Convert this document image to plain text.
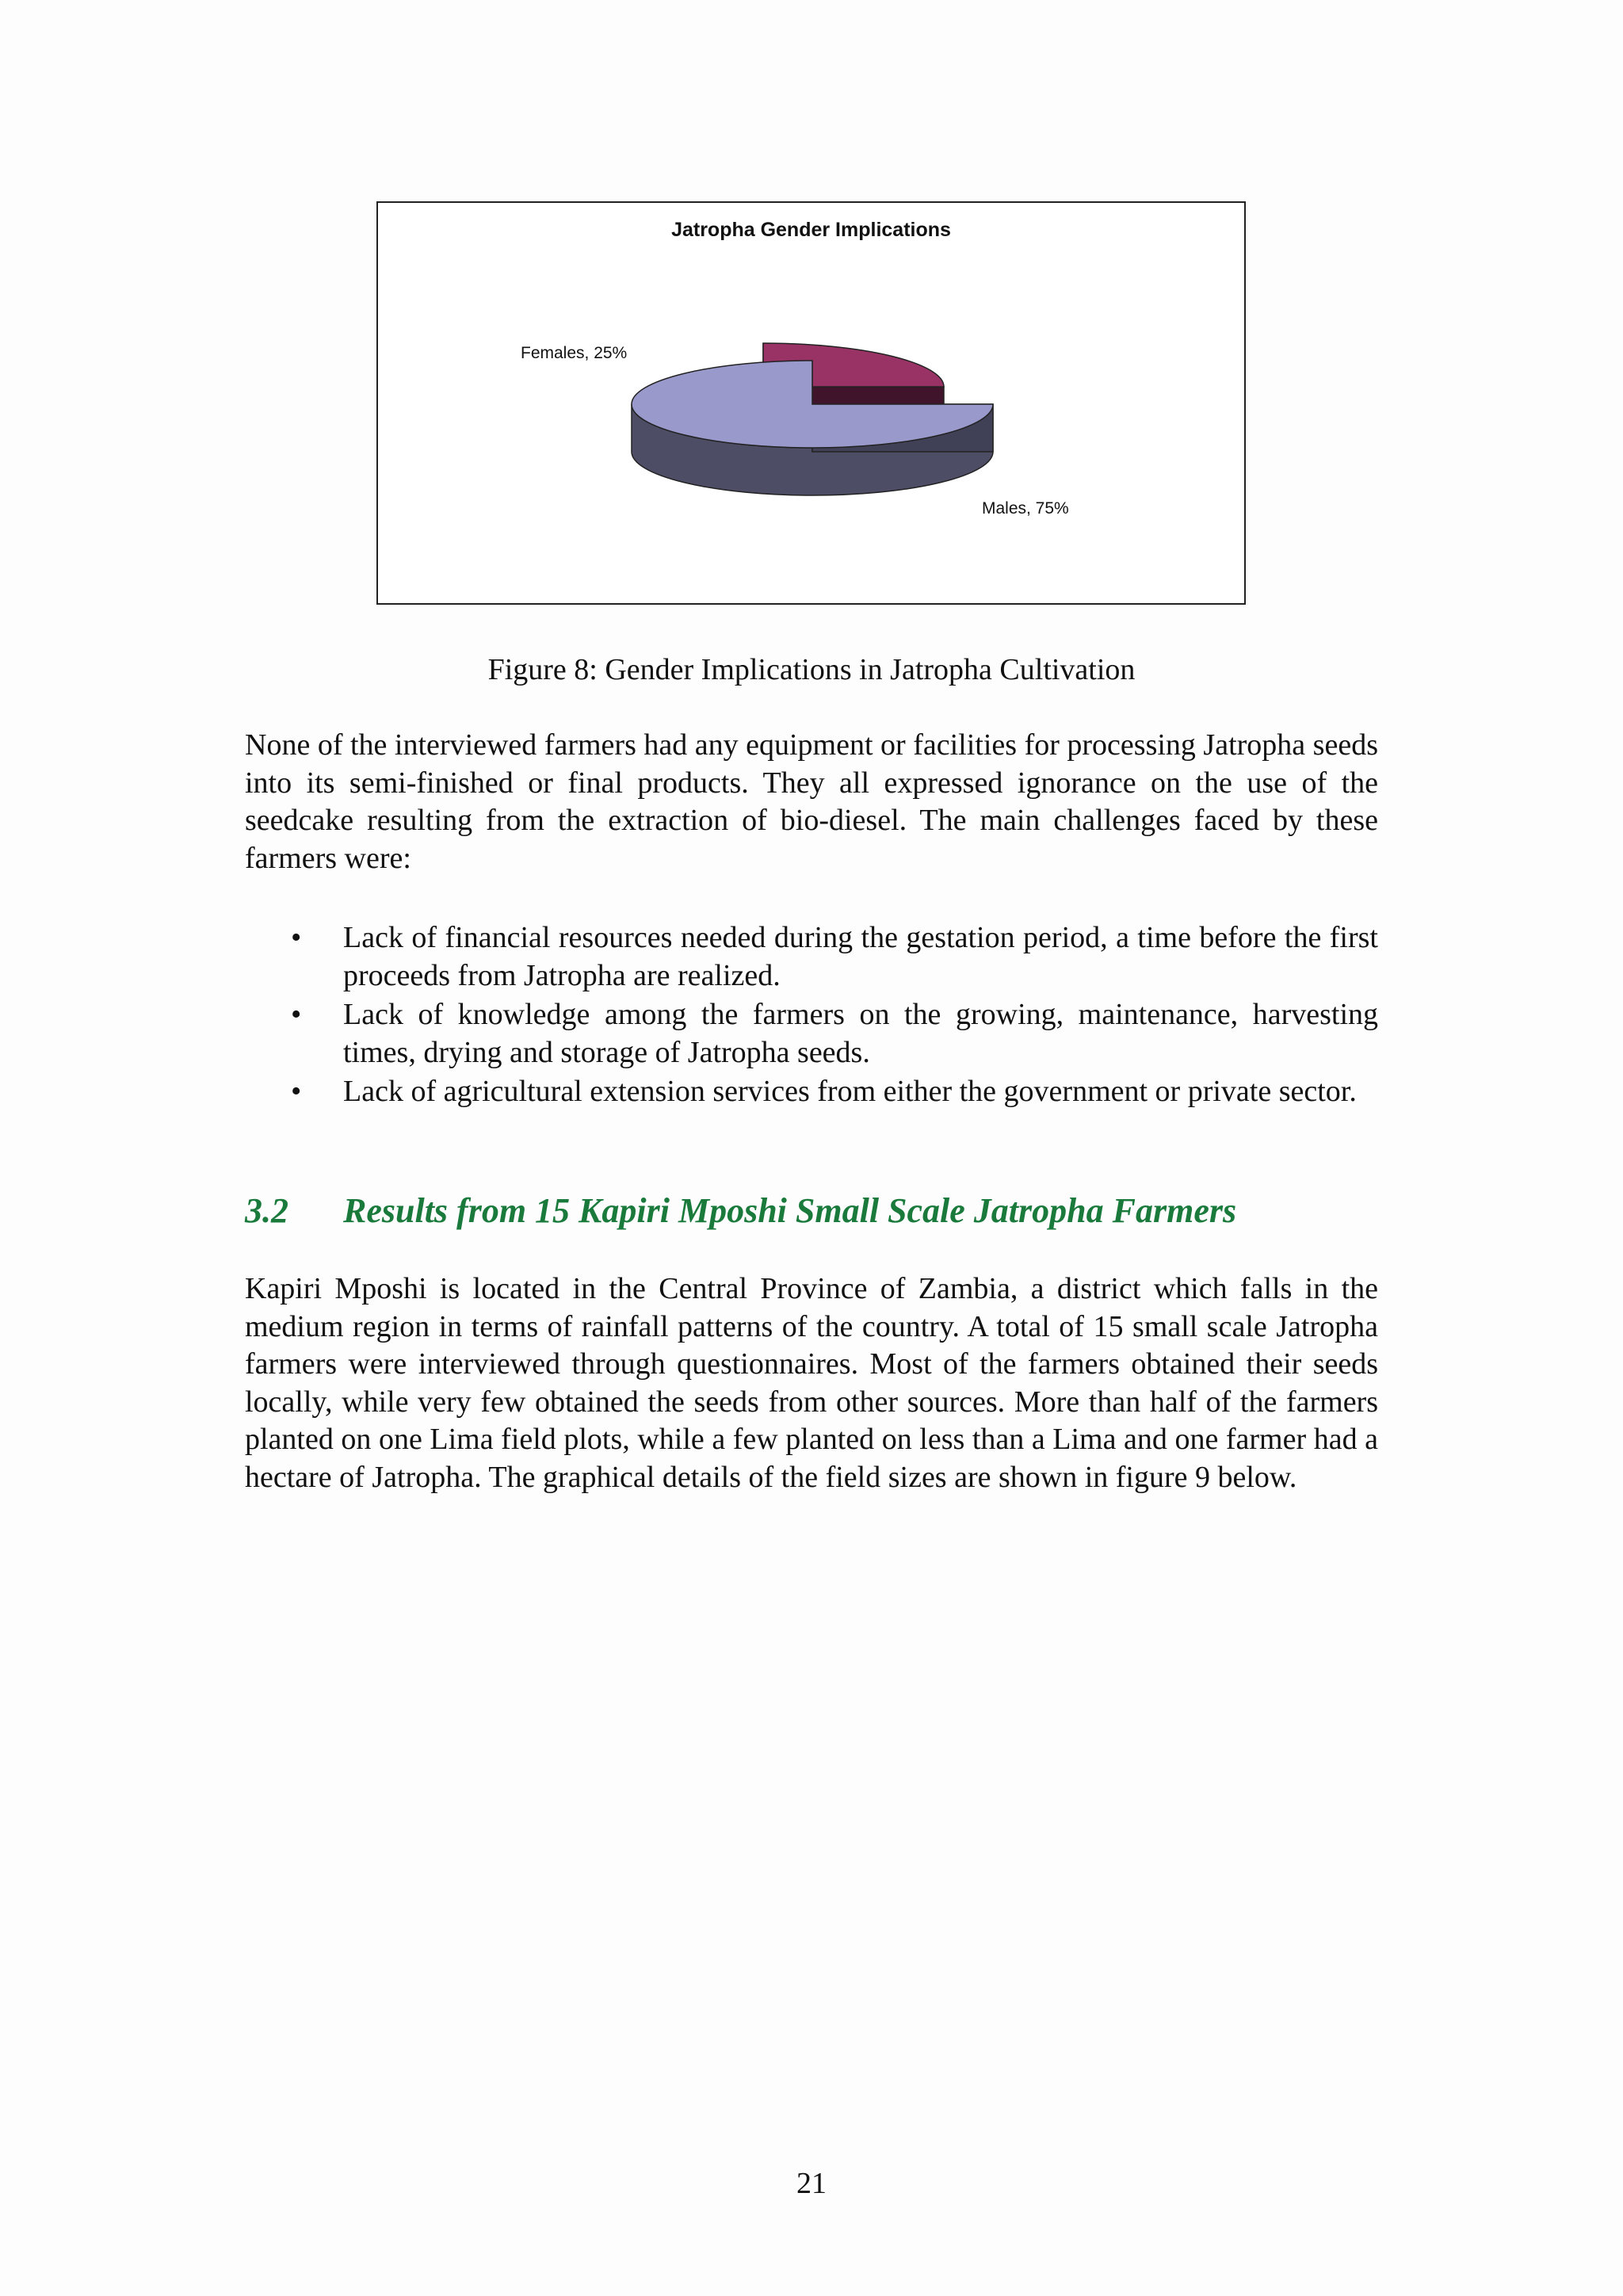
Jatropha Gender Implications
Females, 25%
Males, 75%
Figure 8: Gender Implications in Jatropha Cultivation
None of the interviewed farmers had any equipment or facilities for processing Jatropha seeds into its semi-finished or final products. They all expressed ignorance on the use of the seedcake resulting from the extraction of bio-diesel. The main challenges faced by these farmers were:
• Lack of financial resources needed during the gestation period, a time before the first proceeds from Jatropha are realized.
• Lack of knowledge among the farmers on the growing, maintenance, harvesting times, drying and storage of Jatropha seeds.
• Lack of agricultural extension services from either the government or private sector.
3.2 Results from 15 Kapiri Mposhi Small Scale Jatropha Farmers
Kapiri Mposhi is located in the Central Province of Zambia, a district which falls in the medium region in terms of rainfall patterns of the country. A total of 15 small scale Jatropha farmers were interviewed through questionnaires. Most of the farmers obtained their seeds locally, while very few obtained the seeds from other sources. More than half of the farmers planted on one Lima field plots, while a few planted on less than a Lima and one farmer had a hectare of Jatropha. The graphical details of the field sizes are shown in figure 9 below.
21
